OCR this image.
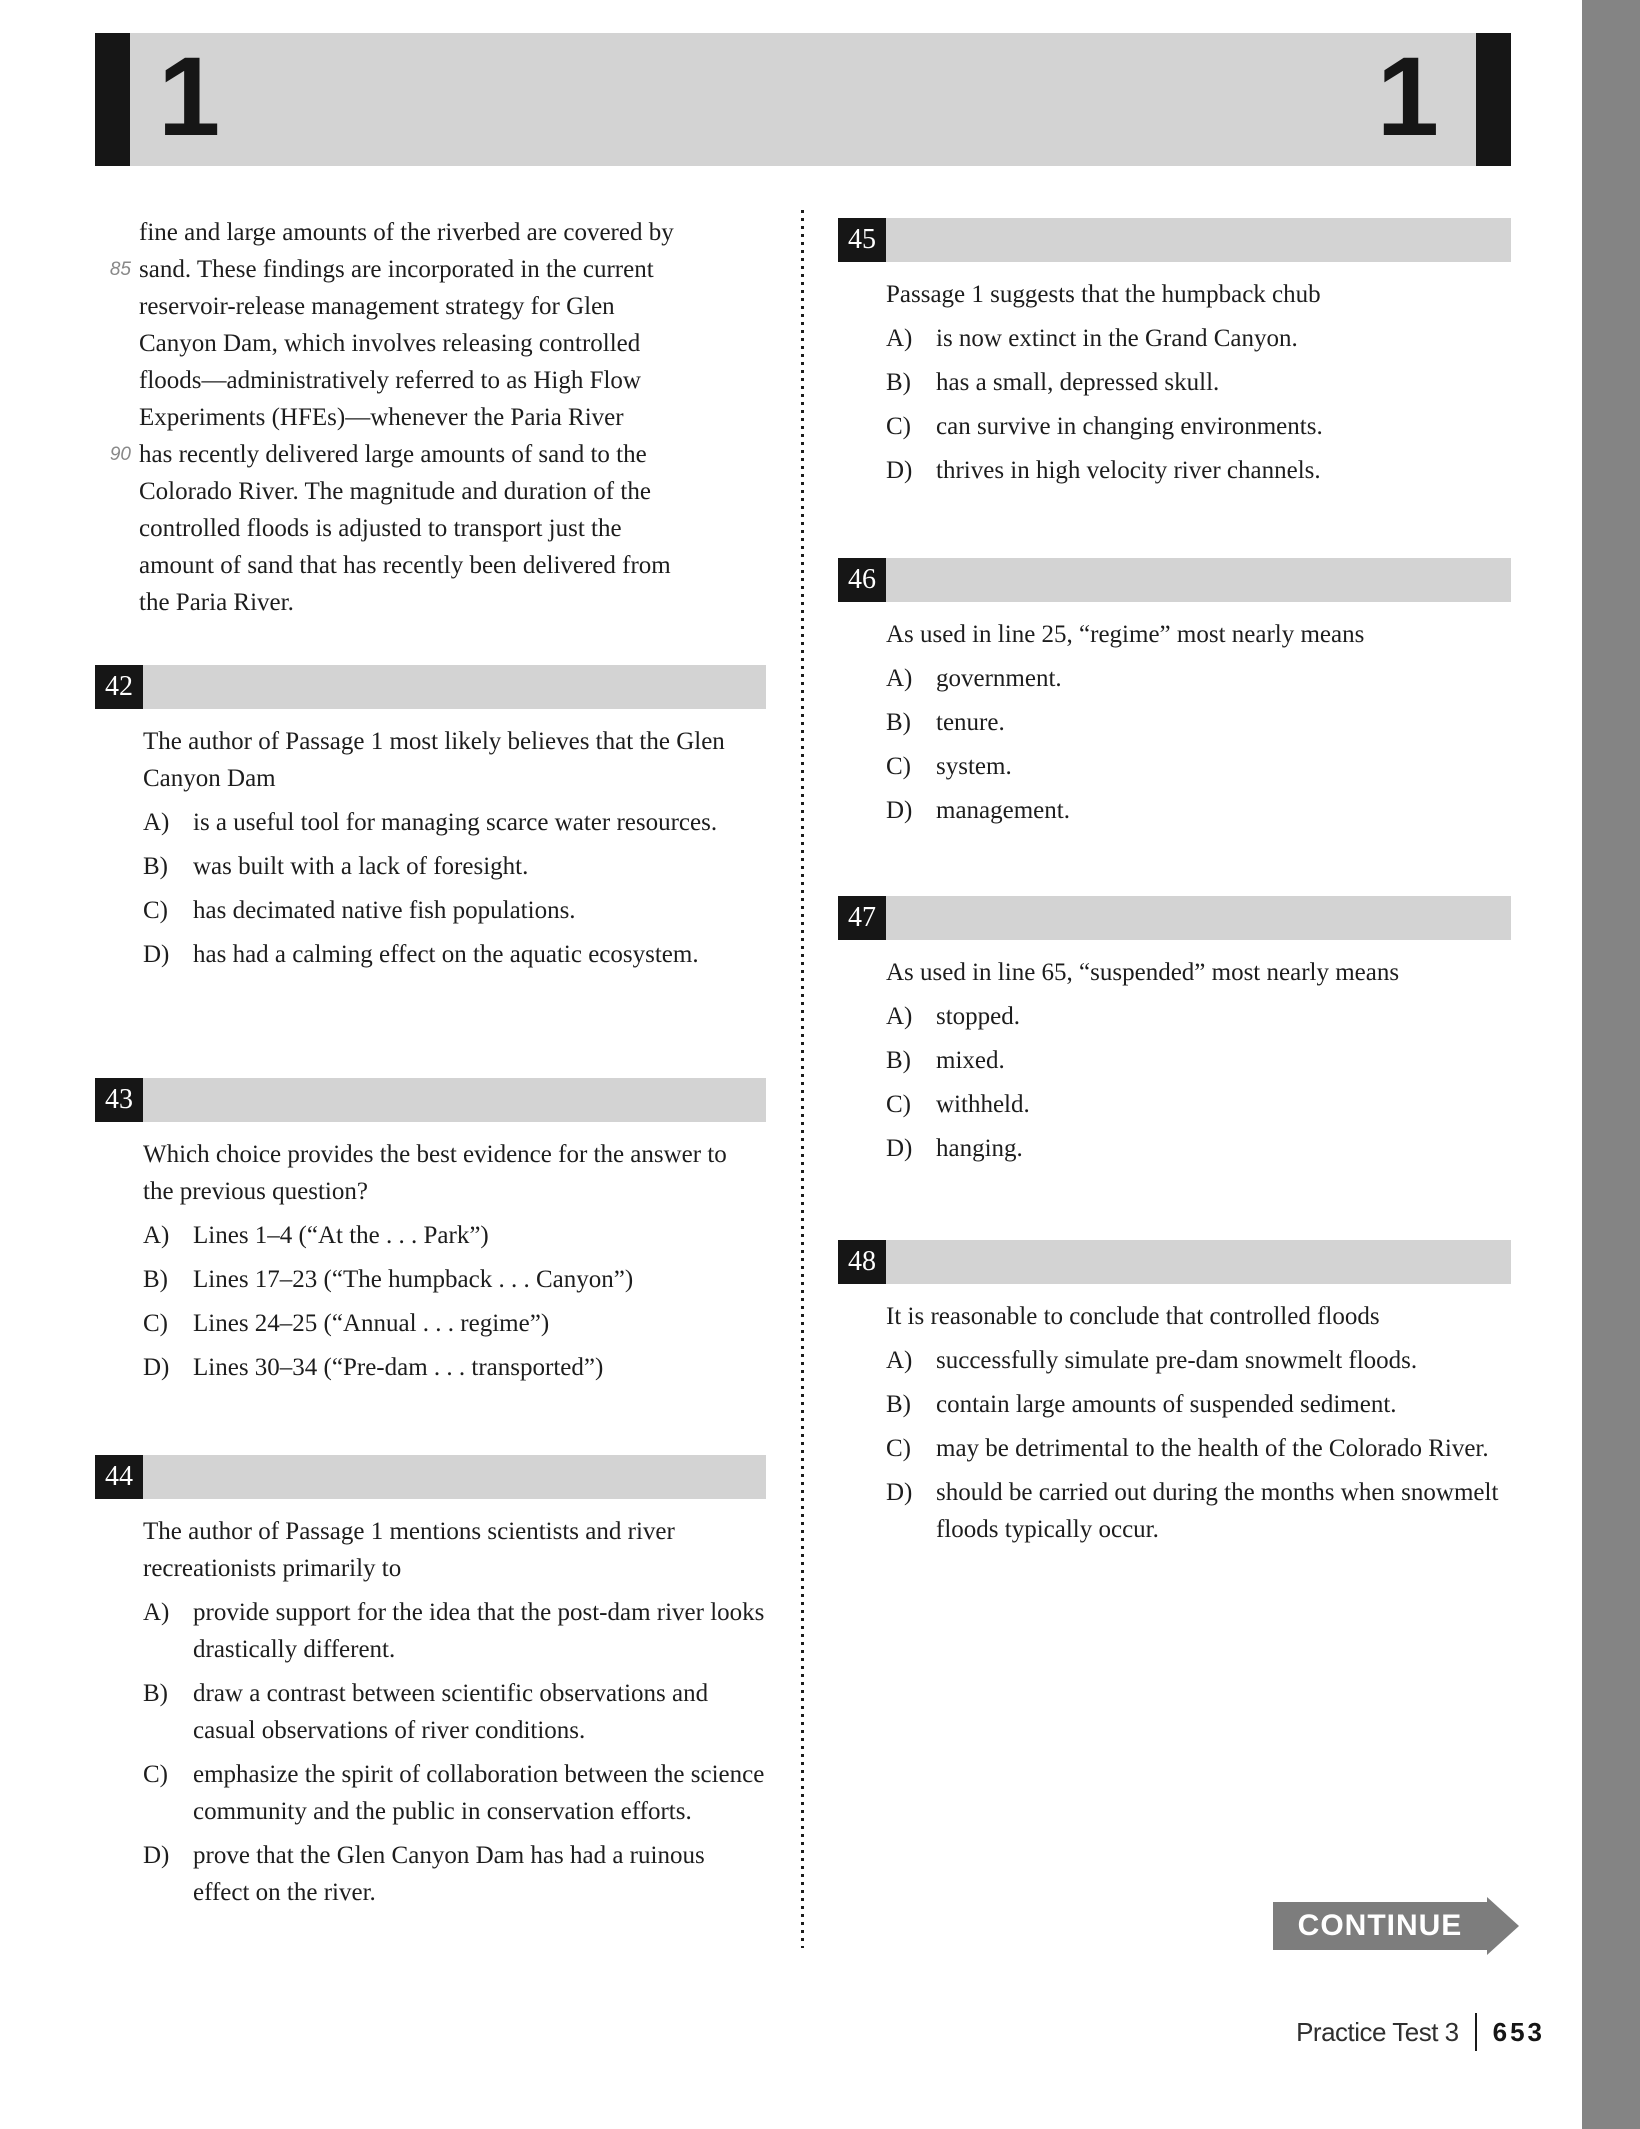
1	1
fine and large amounts of the riverbed are covered by
85 sand. These findings are incorporated in the current
reservoir-release management strategy for Glen
Canyon Dam, which involves releasing controlled
floods—administratively referred to as High Flow
Experiments (HFEs)—whenever the Paria River
90 has recently delivered large amounts of sand to the
Colorado River. The magnitude and duration of the
controlled floods is adjusted to transport just the
amount of sand that has recently been delivered from
the Paria River.
42

The author of Passage 1 most likely believes that the Glen Canyon Dam

A) is a useful tool for managing scarce water resources.
B)	was built with a lack of foresight.
C)	has decimated native fish populations.
D) has had a calming effect on the aquatic ecosystem.
43

Which choice provides the best evidence for the answer to the previous question?

A) Lines 1–4 (“At the . . . Park”)
B)	Lines 17–23 (“The humpback . . . Canyon”)
C)	Lines 24–25 (“Annual . . . regime”)
D) Lines 30–34 (“Pre-dam . . . transported”)
44

The author of Passage 1 mentions scientists and river recreationists primarily to

A) provide support for the idea that the post-dam river looks drastically different.
B)	draw a contrast between scientific observations and casual observations of river conditions.
C)	emphasize the spirit of collaboration between the science community and the public in conservation efforts.
D) prove that the Glen Canyon Dam has had a ruinous effect on the river.
45

Passage 1 suggests that the humpback chub

A) is now extinct in the Grand Canyon.
B)	has a small, depressed skull.
C)	can survive in changing environments.
D) thrives in high velocity river channels.
46

As used in line 25, “regime” most nearly means

A) government.
B)	tenure.
C)	system.
D) management.
47

As used in line 65, “suspended” most nearly means

A) stopped.
B)	mixed.
C)	withheld.
D) hanging.
48

It is reasonable to conclude that controlled floods

A) successfully simulate pre-dam snowmelt floods.
B)	contain large amounts of suspended sediment.
C)	may be detrimental to the health of the Colorado River.
D) should be carried out during the months when snowmelt floods typically occur.
CONTINUE
Practice Test 3 653
